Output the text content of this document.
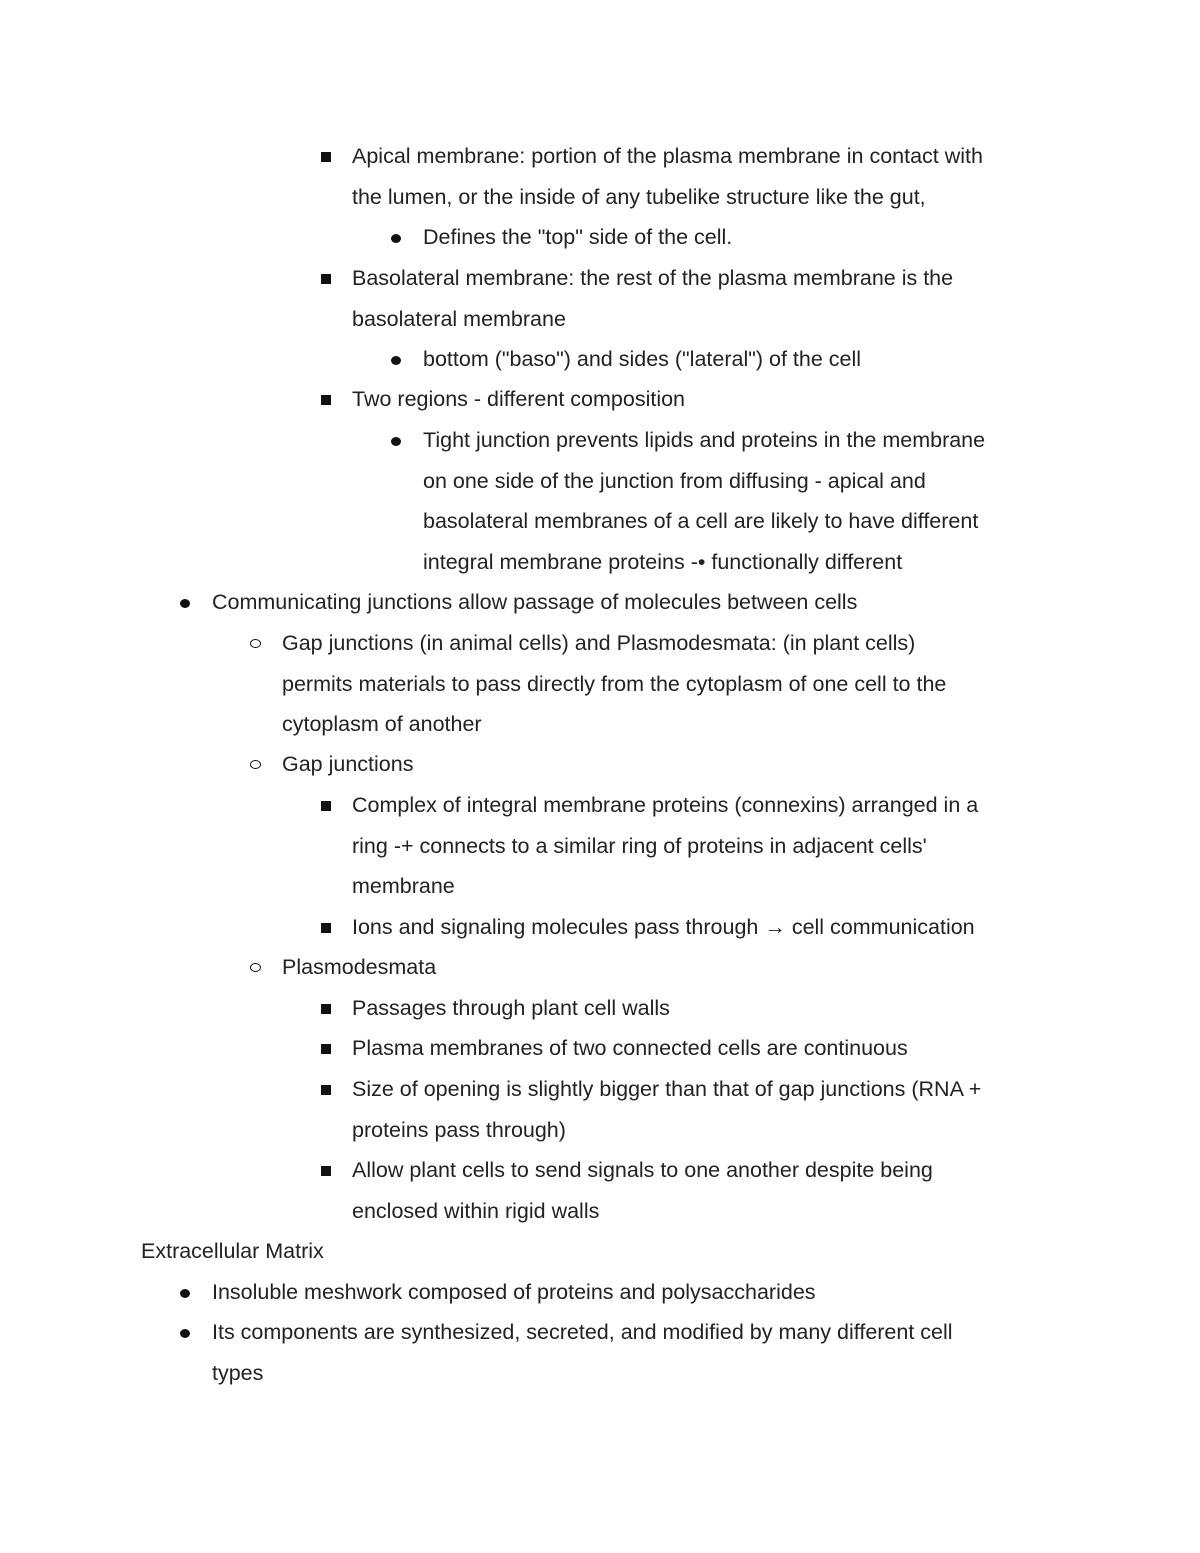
Apical membrane: portion of the plasma membrane in contact with
the lumen, or the inside of any tubelike structure like the gut,
Defines the "top" side of the cell.
Basolateral membrane: the rest of the plasma membrane is the
basolateral membrane
bottom ("baso") and sides ("lateral") of the cell
Two regions - different composition
Tight junction prevents lipids and proteins in the membrane
on one side of the junction from diffusing - apical and
basolateral membranes of a cell are likely to have different
integral membrane proteins -• functionally different
Communicating junctions allow passage of molecules between cells
Gap junctions (in animal cells) and Plasmodesmata: (in plant cells)
permits materials to pass directly from the cytoplasm of one cell to the
cytoplasm of another
Gap junctions
Complex of integral membrane proteins (connexins) arranged in a
ring -+ connects to a similar ring of proteins in adjacent cells'
membrane
Ions and signaling molecules pass through → cell communication
Plasmodesmata
Passages through plant cell walls
Plasma membranes of two connected cells are continuous
Size of opening is slightly bigger than that of gap junctions (RNA +
proteins pass through)
Allow plant cells to send signals to one another despite being
enclosed within rigid walls
Extracellular Matrix
Insoluble meshwork composed of proteins and polysaccharides
Its components are synthesized, secreted, and modified by many different cell
types
